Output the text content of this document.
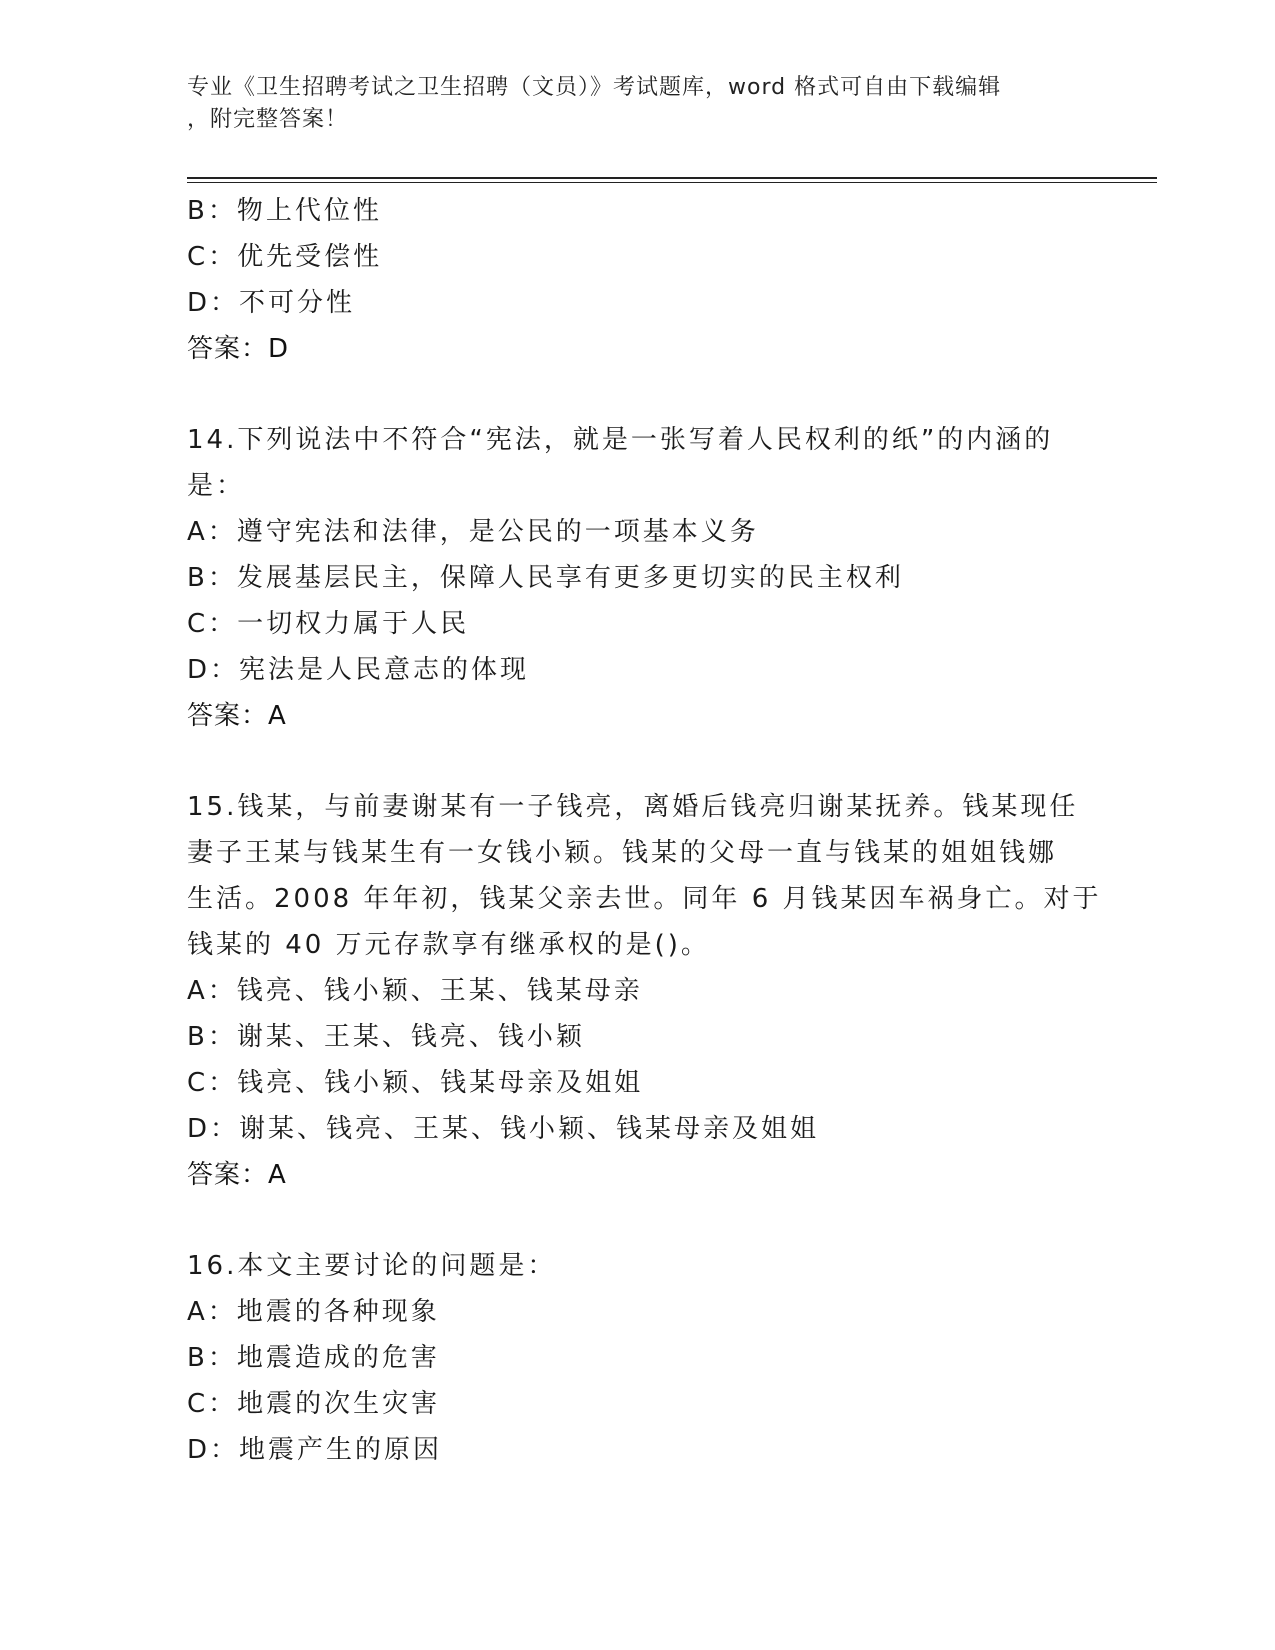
专业《卫生招聘考试之卫生招聘（文员）》考试题库，word 格式可自由下载编辑
，附完整答案！
B：物上代位性
C：优先受偿性
D：不可分性
答案：D
14.下列说法中不符合“宪法，就是一张写着人民权利的纸”的内涵的
是：
A：遵守宪法和法律，是公民的一项基本义务
B：发展基层民主，保障人民享有更多更切实的民主权利
C：一切权力属于人民
D：宪法是人民意志的体现
答案：A
15.钱某，与前妻谢某有一子钱亮，离婚后钱亮归谢某抚养。钱某现任
妻子王某与钱某生有一女钱小颖。钱某的父母一直与钱某的姐姐钱娜
生活。2008 年年初，钱某父亲去世。同年 6 月钱某因车祸身亡。对于
钱某的 40 万元存款享有继承权的是()。
A：钱亮、钱小颖、王某、钱某母亲
B：谢某、王某、钱亮、钱小颖
C：钱亮、钱小颖、钱某母亲及姐姐
D：谢某、钱亮、王某、钱小颖、钱某母亲及姐姐
答案：A
16.本文主要讨论的问题是：
A：地震的各种现象
B：地震造成的危害
C：地震的次生灾害
D：地震产生的原因
